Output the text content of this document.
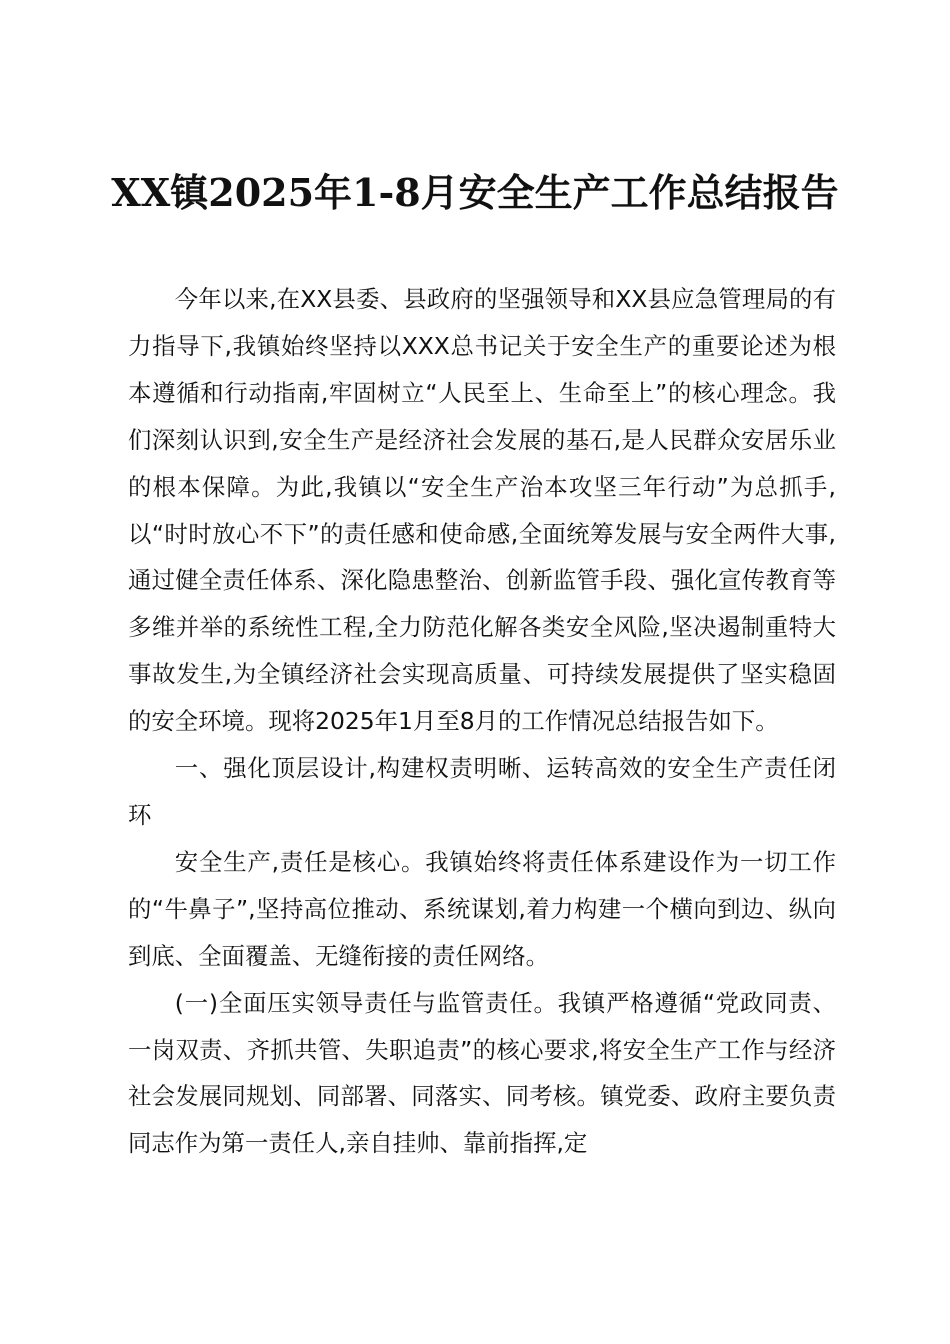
XX镇2025年1-8月安全生产工作总结报告

今年以来,在XX县委、县政府的坚强领导和XX县应急管理局的有力指导下,我镇始终坚持以XXX总书记关于安全生产的重要论述为根本遵循和行动指南,牢固树立“人民至上、生命至上”的核心理念。我们深刻认识到,安全生产是经济社会发展的基石,是人民群众安居乐业的根本保障。为此,我镇以“安全生产治本攻坚三年行动”为总抓手,以“时时放心不下”的责任感和使命感,全面统筹发展与安全两件大事,通过健全责任体系、深化隐患整治、创新监管手段、强化宣传教育等多维并举的系统性工程,全力防范化解各类安全风险,坚决遏制重特大事故发生,为全镇经济社会实现高质量、可持续发展提供了坚实稳固的安全环境。现将2025年1月至8月的工作情况总结报告如下。

一、强化顶层设计,构建权责明晰、运转高效的安全生产责任闭环

安全生产,责任是核心。我镇始终将责任体系建设作为一切工作的“牛鼻子”,坚持高位推动、系统谋划,着力构建一个横向到边、纵向到底、全面覆盖、无缝衔接的责任网络。

(一)全面压实领导责任与监管责任。我镇严格遵循“党政同责、一岗双责、齐抓共管、失职追责”的核心要求,将安全生产工作与经济社会发展同规划、同部署、同落实、同考核。镇党委、政府主要负责同志作为第一责任人,亲自挂帅、靠前指挥,定
